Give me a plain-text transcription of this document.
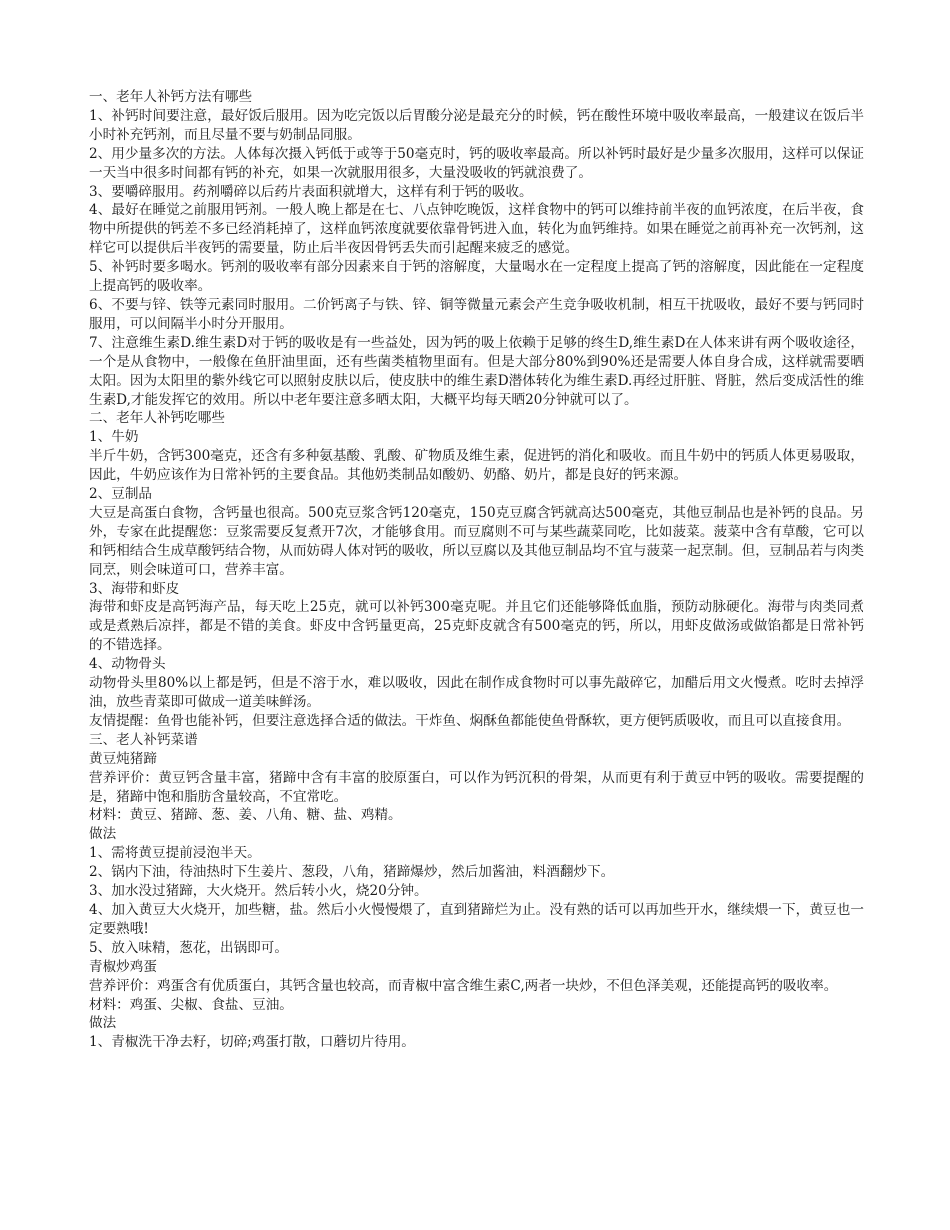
一、老年人补钙方法有哪些

1、补钙时间要注意，最好饭后服用。因为吃完饭以后胃酸分泌是最充分的时候，钙在酸性环境中吸收率最高，一般建议在饭后半小时补充钙剂，而且尽量不要与奶制品同服。

2、用少量多次的方法。人体每次摄入钙低于或等于50毫克时，钙的吸收率最高。所以补钙时最好是少量多次服用，这样可以保证一天当中很多时间都有钙的补充，如果一次就服用很多，大量没吸收的钙就浪费了。

3、要嚼碎服用。药剂嚼碎以后药片表面积就增大，这样有利于钙的吸收。

4、最好在睡觉之前服用钙剂。一般人晚上都是在七、八点钟吃晚饭，这样食物中的钙可以维持前半夜的血钙浓度，在后半夜，食物中所提供的钙差不多已经消耗掉了，这样血钙浓度就要依靠骨钙进入血，转化为血钙维持。如果在睡觉之前再补充一次钙剂，这样它可以提供后半夜钙的需要量，防止后半夜因骨钙丢失而引起醒来疲乏的感觉。

5、补钙时要多喝水。钙剂的吸收率有部分因素来自于钙的溶解度，大量喝水在一定程度上提高了钙的溶解度，因此能在一定程度上提高钙的吸收率。

6、不要与锌、铁等元素同时服用。二价钙离子与铁、锌、铜等微量元素会产生竞争吸收机制，相互干扰吸收，最好不要与钙同时服用，可以间隔半小时分开服用。

7、注意维生素D.维生素D对于钙的吸收是有一些益处，因为钙的吸上依赖于足够的终生D,维生素D在人体来讲有两个吸收途径，一个是从食物中，一般像在鱼肝油里面，还有些菌类植物里面有。但是大部分80%到90%还是需要人体自身合成，这样就需要晒太阳。因为太阳里的紫外线它可以照射皮肤以后，使皮肤中的维生素D潜体转化为维生素D.再经过肝脏、肾脏，然后变成活性的维生素D,才能发挥它的效用。所以中老年要注意多晒太阳，大概平均每天晒20分钟就可以了。

二、老年人补钙吃哪些

1、牛奶

半斤牛奶，含钙300毫克，还含有多种氨基酸、乳酸、矿物质及维生素，促进钙的消化和吸收。而且牛奶中的钙质人体更易吸取，因此，牛奶应该作为日常补钙的主要食品。其他奶类制品如酸奶、奶酪、奶片，都是良好的钙来源。

2、豆制品

大豆是高蛋白食物，含钙量也很高。500克豆浆含钙120毫克，150克豆腐含钙就高达500毫克，其他豆制品也是补钙的良品。另外，专家在此提醒您：豆浆需要反复煮开7次，才能够食用。而豆腐则不可与某些蔬菜同吃，比如菠菜。菠菜中含有草酸，它可以和钙相结合生成草酸钙结合物，从而妨碍人体对钙的吸收，所以豆腐以及其他豆制品均不宜与菠菜一起烹制。但，豆制品若与肉类同烹，则会味道可口，营养丰富。

3、海带和虾皮

海带和虾皮是高钙海产品，每天吃上25克，就可以补钙300毫克呢。并且它们还能够降低血脂，预防动脉硬化。海带与肉类同煮或是煮熟后凉拌，都是不错的美食。虾皮中含钙量更高，25克虾皮就含有500毫克的钙，所以，用虾皮做汤或做馅都是日常补钙的不错选择。

4、动物骨头

动物骨头里80%以上都是钙，但是不溶于水，难以吸收，因此在制作成食物时可以事先敲碎它，加醋后用文火慢煮。吃时去掉浮油，放些青菜即可做成一道美味鲜汤。

友情提醒：鱼骨也能补钙，但要注意选择合适的做法。干炸鱼、焖酥鱼都能使鱼骨酥软，更方便钙质吸收，而且可以直接食用。

三、老人补钙菜谱

黄豆炖猪蹄

营养评价：黄豆钙含量丰富，猪蹄中含有丰富的胶原蛋白，可以作为钙沉积的骨架，从而更有利于黄豆中钙的吸收。需要提醒的是，猪蹄中饱和脂肪含量较高，不宜常吃。

材料：黄豆、猪蹄、葱、姜、八角、糖、盐、鸡精。

做法

1、需将黄豆提前浸泡半天。

2、锅内下油，待油热时下生姜片、葱段，八角，猪蹄爆炒，然后加酱油，料酒翻炒下。

3、加水没过猪蹄，大火烧开。然后转小火，烧20分钟。

4、加入黄豆大火烧开，加些糖，盐。然后小火慢慢煨了，直到猪蹄烂为止。没有熟的话可以再加些开水，继续煨一下，黄豆也一定要熟哦!

5、放入味精，葱花，出锅即可。

青椒炒鸡蛋

营养评价：鸡蛋含有优质蛋白，其钙含量也较高，而青椒中富含维生素C,两者一块炒，不但色泽美观，还能提高钙的吸收率。

材料：鸡蛋、尖椒、食盐、豆油。

做法

1、青椒洗干净去籽，切碎;鸡蛋打散，口蘑切片待用。
